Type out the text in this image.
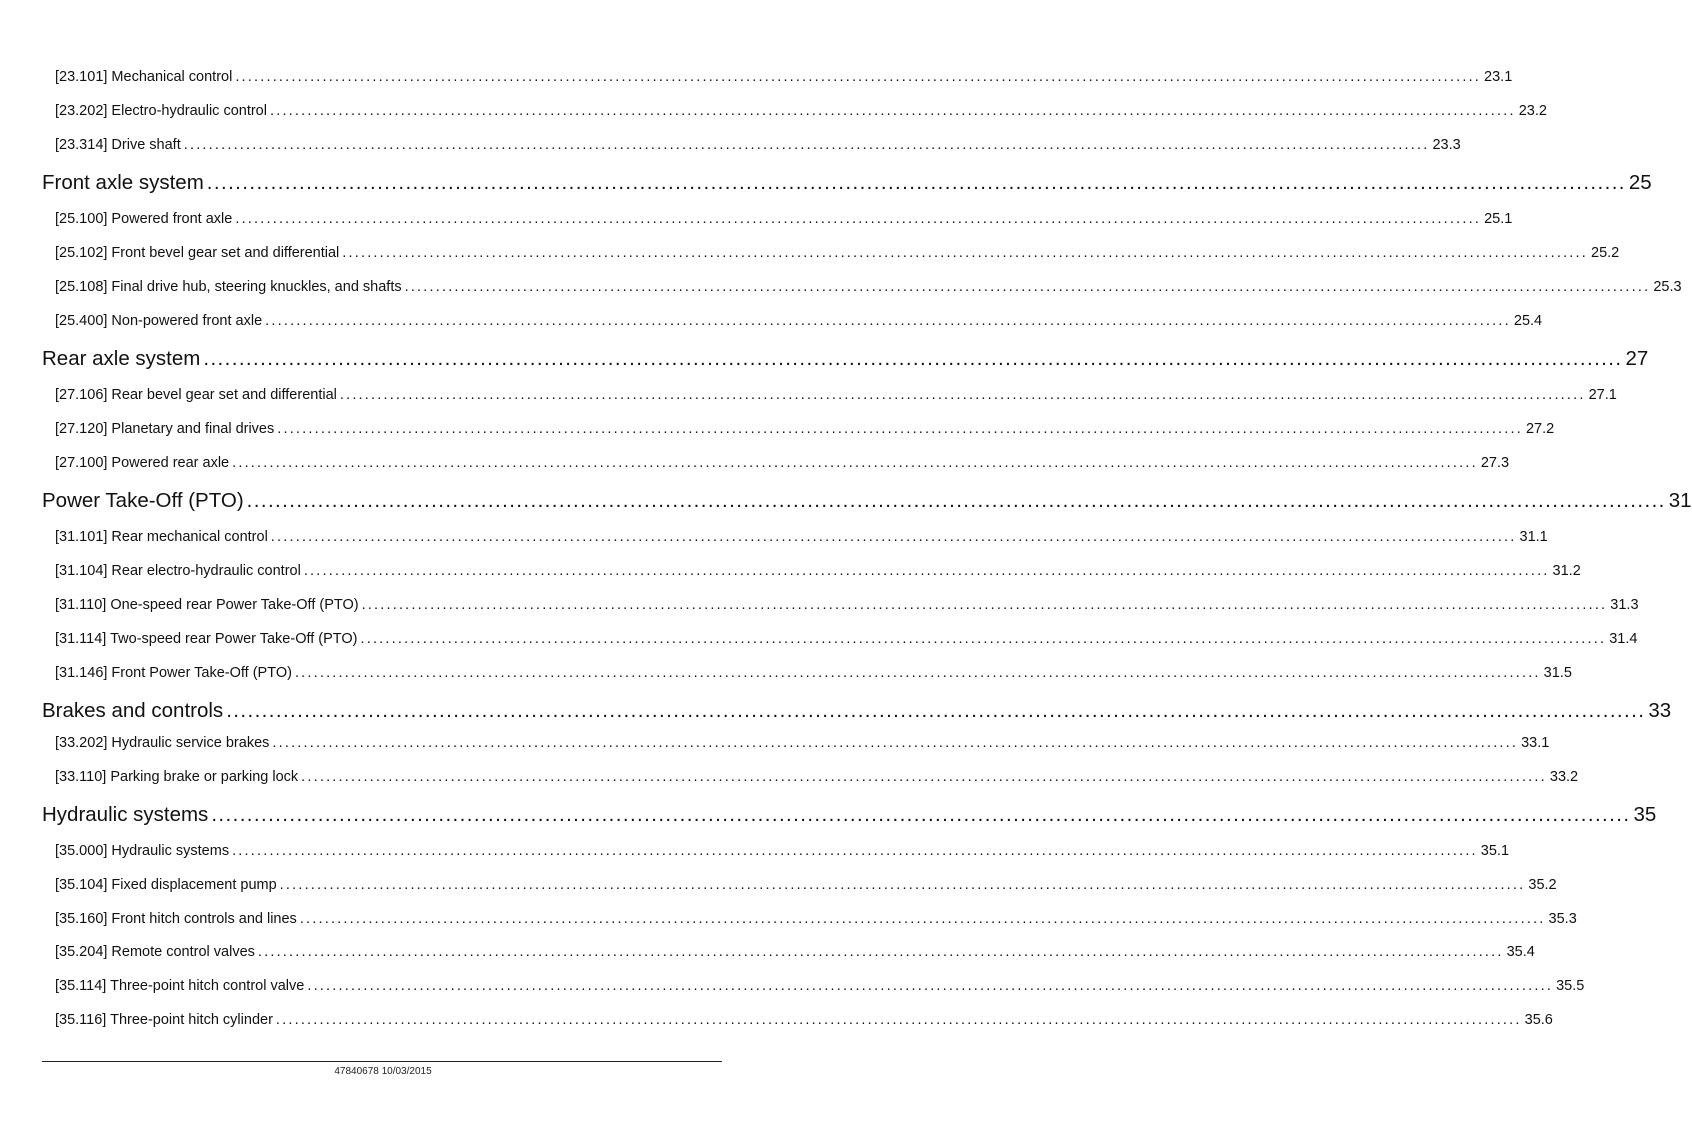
[23.101] Mechanical control ........................................................................................................................................................................................................ 23.1
[23.202] Electro-hydraulic control ........................................................................................................................................................................................................ 23.2
[23.314] Drive shaft ........................................................................................................................................................................................................ 23.3
Front axle system ........................................................................................................................................................................................................ 25
[25.100] Powered front axle ........................................................................................................................................................................................................ 25.1
[25.102] Front bevel gear set and differential ........................................................................................................................................................................................................ 25.2
[25.108] Final drive hub, steering knuckles, and shafts ........................................................................................................................................................................................................ 25.3
[25.400] Non-powered front axle ........................................................................................................................................................................................................ 25.4
Rear axle system ........................................................................................................................................................................................................ 27
[27.106] Rear bevel gear set and differential ........................................................................................................................................................................................................ 27.1
[27.120] Planetary and final drives ........................................................................................................................................................................................................ 27.2
[27.100] Powered rear axle ........................................................................................................................................................................................................ 27.3
Power Take-Off (PTO) ........................................................................................................................................................................................................ 31
[31.101] Rear mechanical control ........................................................................................................................................................................................................ 31.1
[31.104] Rear electro-hydraulic control ........................................................................................................................................................................................................ 31.2
[31.110] One-speed rear Power Take-Off (PTO) ........................................................................................................................................................................................................ 31.3
[31.114] Two-speed rear Power Take-Off (PTO) ........................................................................................................................................................................................................ 31.4
[31.146] Front Power Take-Off (PTO) ........................................................................................................................................................................................................ 31.5
Brakes and controls ........................................................................................................................................................................................................ 33
[33.202] Hydraulic service brakes ........................................................................................................................................................................................................ 33.1
[33.110] Parking brake or parking lock ........................................................................................................................................................................................................ 33.2
Hydraulic systems ........................................................................................................................................................................................................ 35
[35.000] Hydraulic systems ........................................................................................................................................................................................................ 35.1
[35.104] Fixed displacement pump ........................................................................................................................................................................................................ 35.2
[35.160] Front hitch controls and lines ........................................................................................................................................................................................................ 35.3
[35.204] Remote control valves ........................................................................................................................................................................................................ 35.4
[35.114] Three-point hitch control valve ........................................................................................................................................................................................................ 35.5
[35.116] Three-point hitch cylinder ........................................................................................................................................................................................................ 35.6
47840678 10/03/2015
